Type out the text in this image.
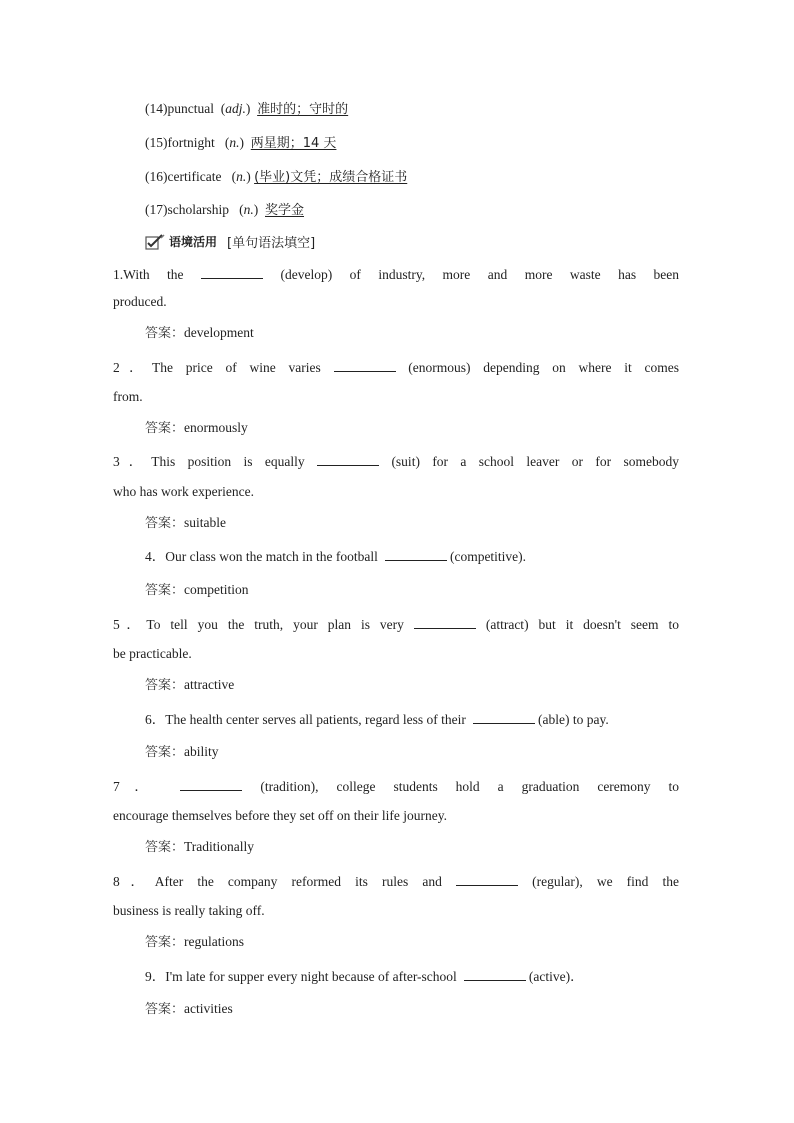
(14)punctual  (adj.)  准时的；守时的
(15)fortnight   (n.)  两星期；14 天
(16)certificate   (n.) (毕业)文凭；成绩合格证书
(17)scholarship   (n.)  奖学金
语境活用 [单句语法填空]
1.With the	(develop) of industry, more and more waste has been
produced.
答案：development
2．The price of wine varies	(enormous) depending on where it comes
from.
答案：enormously
3．This position is equally	(suit) for a school leaver or for somebody
who has work experience.
答案：suitable
4．Our class won the match in the football	(competitive).
答案：competition
5．To tell you the truth, your plan is very	(attract) but it doesn't seem to
be practicable.
答案：attractive
6．The health center serves all patients, regard less of their	(able) to pay.
答案：ability
7．	(tradition), college students hold a graduation ceremony to
encourage themselves before they set off on their life journey.
答案：Traditionally
8．After the company reformed its rules and	(regular), we find the
business is really taking off.
答案：regulations
9．I'm late for supper every night because of after-school	(active)．
答案：activities
